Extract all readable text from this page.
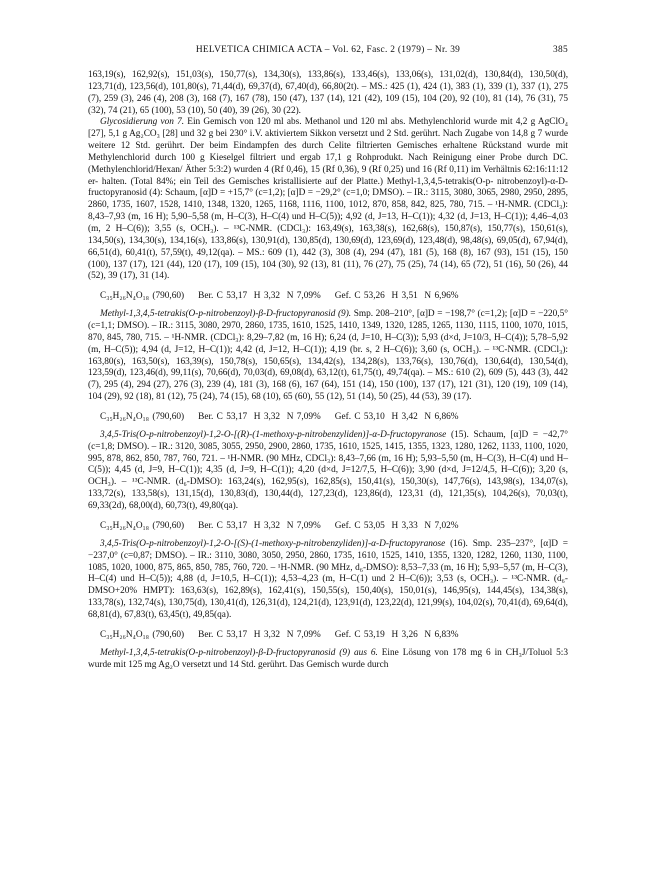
HELVETICA CHIMICA ACTA – Vol. 62, Fasc. 2 (1979) – Nr. 39	385

163,19(s), 162,92(s), 151,03(s), 150,77(s), 134,30(s), 133,86(s), 133,46(s), 133,06(s), 131,02(d), 130,84(d), 130,50(d), 123,71(d), 123,56(d), 101,80(s), 71,44(d), 69,37(d), 67,40(d), 66,80(2t). – MS.: 425 (1), 424 (1), 383 (1), 339 (1), 337 (1), 275 (7), 259 (3), 246 (4), 208 (3), 168 (7), 167 (78), 150 (47), 137 (14), 121 (42), 109 (15), 104 (20), 92 (10), 81 (14), 76 (31), 75 (32), 74 (21), 65 (100), 53 (10), 50 (40), 39 (26), 30 (22).

Glycosidierung von 7. Ein Gemisch von 120 ml abs. Methanol und 120 ml abs. Methylenchlorid wurde mit 4,2 g AgClO₄ [27], 5,1 g Ag₂CO₃ [28] und 32 g bei 230° i.V. aktiviertem Sikkon versetzt und 2 Std. gerührt. Nach Zugabe von 14,8 g 7 wurde weitere 12 Std. gerührt. Der beim Eindampfen des durch Celite filtrierten Gemisches erhaltene Rückstand wurde mit Methylenchlorid durch 100 g Kieselgel filtriert und ergab 17,1 g Rohprodukt. Nach Reinigung einer Probe durch DC. (Methylenchlorid/Hexan/ Äther 5:3:2) wurden 4 (Rf 0,46), 15 (Rf 0,36), 9 (Rf 0,25) und 16 (Rf 0,11) im Verhältnis 62:16:11:12 er- halten. (Total 84%; ein Teil des Gemisches kristallisierte auf der Platte.) Methyl-1,3,4,5-tetrakis(O-p- nitrobenzoyl)-α-D-fructopyranosid (4): Schaum, [α]D = +15,7° (c=1,2); [α]D = −29,2° (c=1,0; DMSO). – IR.: 3115, 3080, 3065, 2980, 2950, 2895, 2860, 1735, 1607, 1528, 1410, 1348, 1320, 1265, 1168, 1116, 1100, 1012, 870, 858, 842, 825, 780, 715. – ¹H-NMR. (CDCl₃): 8,43–7,93 (m, 16 H); 5,90–5,58 (m, H–C(3), H–C(4) und H–C(5)); 4,92 (d, J=13, H–C(1)); 4,32 (d, J=13, H–C(1)); 4,46–4,03 (m, 2 H–C(6)); 3,55 (s, OCH₃). – ¹³C-NMR. (CDCl₃): 163,49(s), 163,38(s), 162,68(s), 150,87(s), 150,77(s), 150,61(s), 134,50(s), 134,30(s), 134,16(s), 133,86(s), 130,91(d), 130,85(d), 130,69(d), 123,69(d), 123,48(d), 98,48(s), 69,05(d), 67,94(d), 66,51(d), 60,41(t), 57,59(t), 49,12(qa). – MS.: 609 (1), 442 (3), 308 (4), 294 (47), 181 (5), 168 (8), 167 (93), 151 (15), 150 (100), 137 (17), 121 (44), 120 (17), 109 (15), 104 (30), 92 (13), 81 (11), 76 (27), 75 (25), 74 (14), 65 (72), 51 (16), 50 (26), 44 (52), 39 (17), 31 (14).

C₃₅H₂₆N₄O₁₈ (790,60) Ber. C 53,17  H 3,32  N 7,09% Gef. C 53,26  H 3,51  N 6,96%

Methyl-1,3,4,5-tetrakis(O-p-nitrobenzoyl)-β-D-fructopyranosid (9). Smp. 208–210°, [α]D = −198,7° (c=1,2); [α]D = −220,5° (c=1,1; DMSO). – IR.: 3115, 3080, 2970, 2860, 1735, 1610, 1525, 1410, 1349, 1320, 1285, 1265, 1130, 1115, 1100, 1070, 1015, 870, 845, 780, 715. – ¹H-NMR. (CDCl₃): 8,29–7,82 (m, 16 H); 6,24 (d, J=10, H–C(3)); 5,93 (d×d, J=10/3, H–C(4)); 5,78–5,92 (m, H–C(5)); 4,94 (d, J=12, H–C(1)); 4,42 (d, J=12, H–C(1)); 4,19 (br. s, 2 H–C(6)); 3,60 (s, OCH₃). – ¹³C-NMR. (CDCl₃): 163,80(s), 163,50(s), 163,39(s), 150,78(s), 150,65(s), 134,42(s), 134,28(s), 133,76(s), 130,76(d), 130,64(d), 130,54(d), 123,59(d), 123,46(d), 99,11(s), 70,66(d), 70,03(d), 69,08(d), 63,12(t), 61,75(t), 49,74(qa). – MS.: 610 (2), 609 (5), 443 (3), 442 (7), 295 (4), 294 (27), 276 (3), 239 (4), 181 (3), 168 (6), 167 (64), 151 (14), 150 (100), 137 (17), 121 (31), 120 (19), 109 (14), 104 (29), 92 (18), 81 (12), 75 (24), 74 (15), 68 (10), 65 (60), 55 (12), 51 (14), 50 (25), 44 (53), 39 (17).

C₃₅H₂₆N₄O₁₈ (790,60) Ber. C 53,17  H 3,32  N 7,09% Gef. C 53,10  H 3,42  N 6,86%

3,4,5-Tris(O-p-nitrobenzoyl)-1,2-O-[(R)-(1-methoxy-p-nitrobenzyliden)]-α-D-fructopyranose (15). Schaum, [α]D = −42,7° (c=1,8; DMSO). – IR.: 3120, 3085, 3055, 2950, 2900, 2860, 1735, 1610, 1525, 1415, 1355, 1323, 1280, 1262, 1133, 1100, 1020, 995, 878, 862, 850, 787, 760, 721. – ¹H-NMR. (90 MHz, CDCl₃): 8,43–7,66 (m, 16 H); 5,93–5,50 (m, H–C(3), H–C(4) und H–C(5)); 4,45 (d, J=9, H–C(1)); 4,35 (d, J=9, H–C(1)); 4,20 (d×d, J=12/7,5, H–C(6)); 3,90 (d×d, J=12/4,5, H–C(6)); 3,20 (s, OCH₃). – ¹³C-NMR. (d₆-DMSO): 163,24(s), 162,95(s), 162,85(s), 150,41(s), 150,30(s), 147,76(s), 143,98(s), 134,07(s), 133,72(s), 133,58(s), 131,15(d), 130,83(d), 130,44(d), 127,23(d), 123,86(d), 123,31 (d), 121,35(s), 104,26(s), 70,03(t), 69,33(2d), 68,00(d), 60,73(t), 49,80(qa).

C₃₅H₂₆N₄O₁₈ (790,60) Ber. C 53,17  H 3,32  N 7,09% Gef. C 53,05  H 3,33  N 7,02%

3,4,5-Tris(O-p-nitrobenzoyl)-1,2-O-[(S)-(1-methoxy-p-nitrobenzyliden)]-α-D-fructopyranose (16). Smp. 235–237°, [α]D = −237,0° (c=0,87; DMSO). – IR.: 3110, 3080, 3050, 2950, 2860, 1735, 1610, 1525, 1410, 1355, 1320, 1282, 1260, 1130, 1100, 1085, 1020, 1000, 875, 865, 850, 785, 760, 720. – ¹H-NMR. (90 MHz, d₆-DMSO): 8,53–7,33 (m, 16 H); 5,93–5,57 (m, H–C(3), H–C(4) und H–C(5)); 4,88 (d, J=10,5, H–C(1)); 4,53–4,23 (m, H–C(1) und 2 H–C(6)); 3,53 (s, OCH₃). – ¹³C-NMR. (d₆-DMSO+20% HMPT): 163,63(s), 162,89(s), 162,41(s), 150,55(s), 150,40(s), 150,01(s), 146,95(s), 144,45(s), 134,38(s), 133,78(s), 132,74(s), 130,75(d), 130,41(d), 126,31(d), 124,21(d), 123,91(d), 123,22(d), 121,99(s), 104,02(s), 70,41(d), 69,64(d), 68,81(d), 67,83(t), 63,45(t), 49,85(qa).

C₃₅H₂₆N₄O₁₈ (790,60) Ber. C 53,17  H 3,32  N 7,09% Gef. C 53,19  H 3,26  N 6,83%

Methyl-1,3,4,5-tetrakis(O-p-nitrobenzoyl)-β-D-fructopyranosid (9) aus 6. Eine Lösung von 178 mg 6 in CH₃J/Toluol 5:3 wurde mit 125 mg Ag₂O versetzt und 14 Std. gerührt. Das Gemisch wurde durch
